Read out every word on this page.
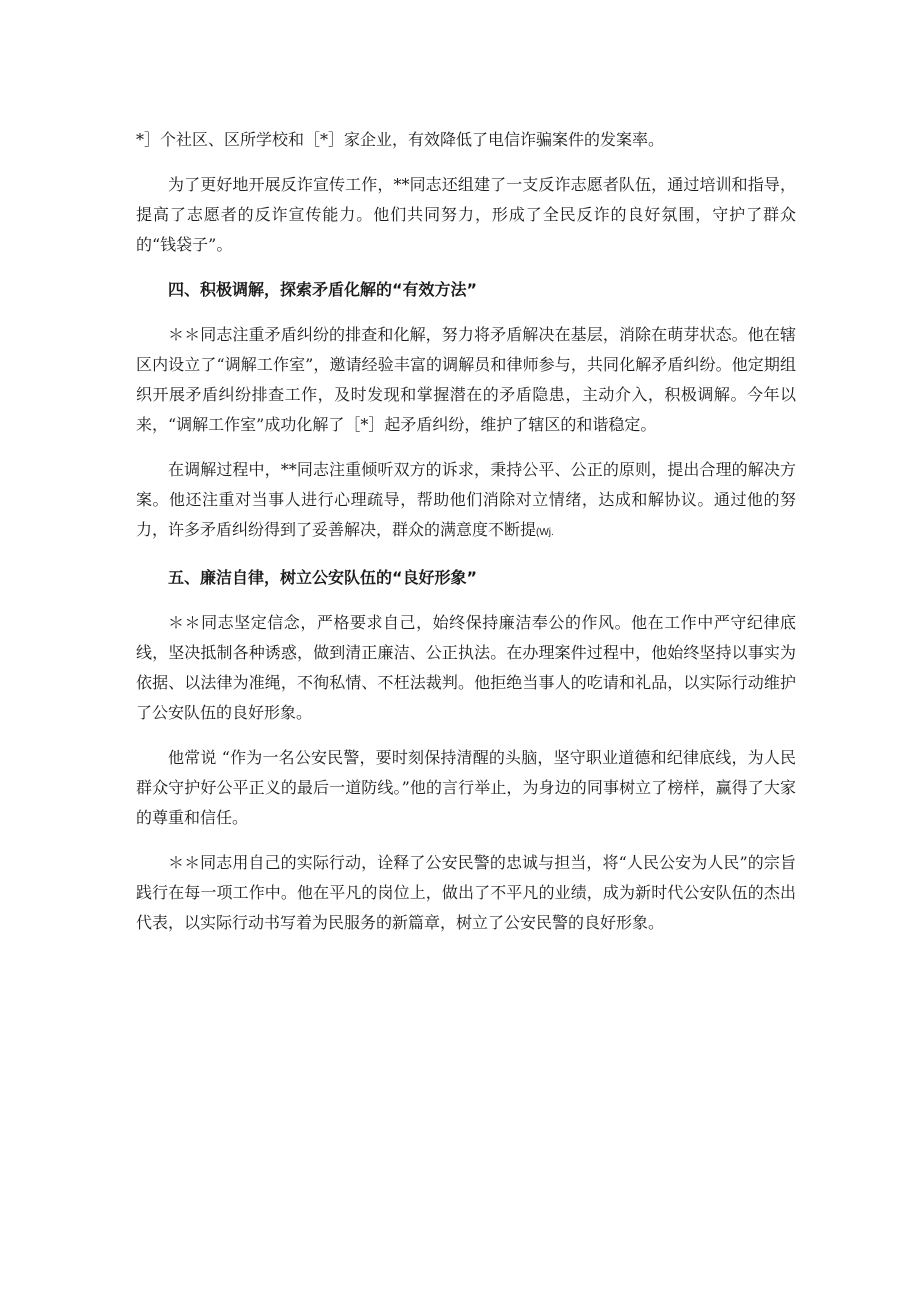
*］个社区、区所学校和［*］家企业，有效降低了电信诈骗案件的发案率。

为了更好地开展反诈宣传工作，**同志还组建了一支反诈志愿者队伍，通过培训和指导，提高了志愿者的反诈宣传能力。他们共同努力，形成了全民反诈的良好氛围，守护了群众的“钱袋子”。

四、积极调解，探索矛盾化解的“有效方法”

＊＊同志注重矛盾纠纷的排查和化解，努力将矛盾解决在基层，消除在萌芽状态。他在辖区内设立了“调解工作室”，邀请经验丰富的调解员和律师参与，共同化解矛盾纠纷。他定期组织开展矛盾纠纷排查工作，及时发现和掌握潜在的矛盾隐患，主动介入，积极调解。今年以来，“调解工作室”成功化解了［*］起矛盾纠纷，维护了辖区的和谐稳定。

在调解过程中，**同志注重倾听双方的诉求，秉持公平、公正的原则，提出合理的解决方案。他还注重对当事人进行心理疏导，帮助他们消除对立情绪，达成和解协议。通过他的努力，许多矛盾纠纷得到了妥善解决，群众的满意度不断提(Wj.

五、廉洁自律，树立公安队伍的“良好形象”

＊＊同志坚定信念，严格要求自己，始终保持廉洁奉公的作风。他在工作中严守纪律底线，坚决抵制各种诱惑，做到清正廉洁、公正执法。在办理案件过程中，他始终坚持以事实为依据、以法律为准绳，不徇私情、不枉法裁判。他拒绝当事人的吃请和礼品，以实际行动维护了公安队伍的良好形象。

他常说 “作为一名公安民警，要时刻保持清醒的头脑，坚守职业道德和纪律底线，为人民群众守护好公平正义的最后一道防线。”他的言行举止，为身边的同事树立了榜样，赢得了大家的尊重和信任。

＊＊同志用自己的实际行动，诠释了公安民警的忠诚与担当，将“人民公安为人民”的宗旨践行在每一项工作中。他在平凡的岗位上，做出了不平凡的业绩，成为新时代公安队伍的杰出代表，以实际行动书写着为民服务的新篇章，树立了公安民警的良好形象。
